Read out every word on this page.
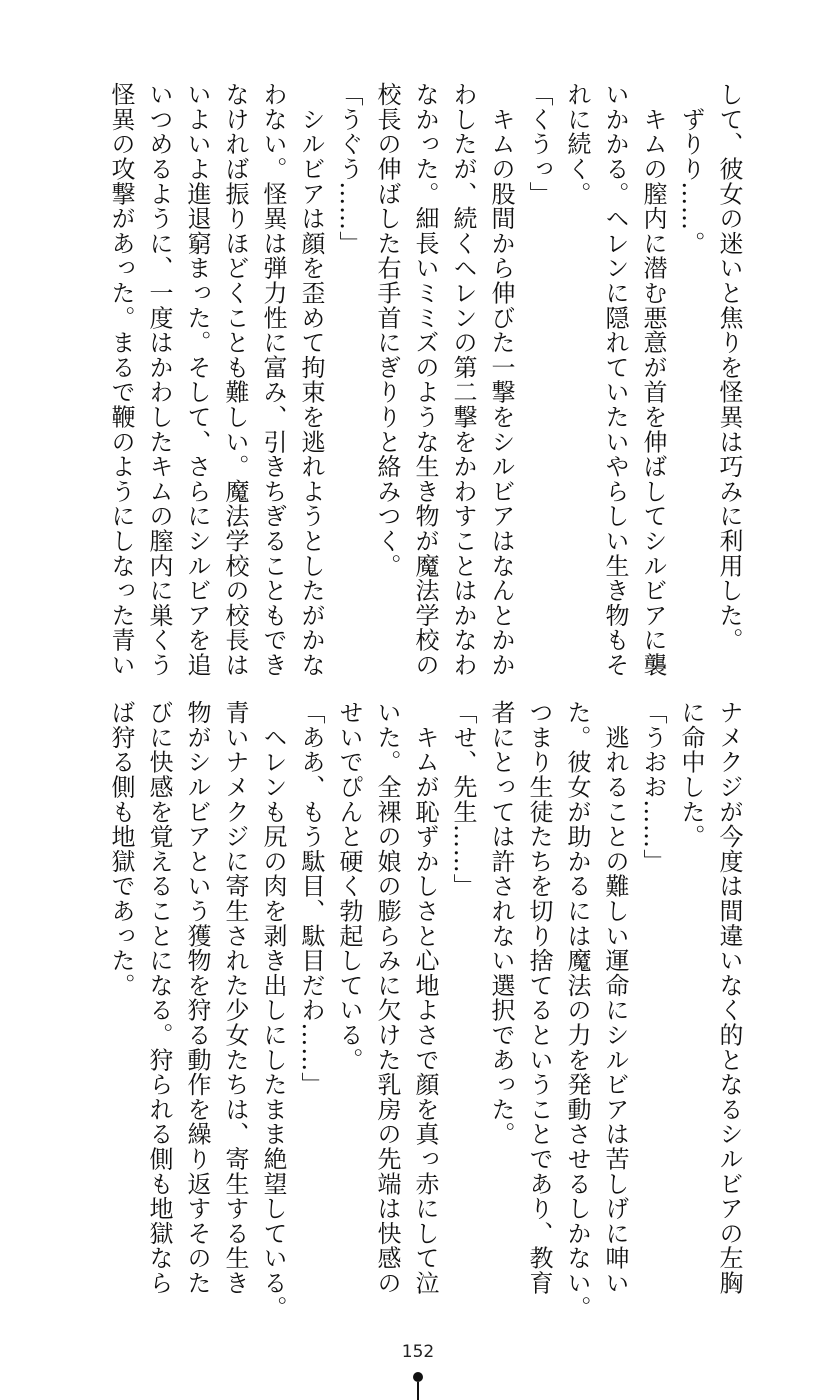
して、彼女の迷いと焦りを怪異は巧みに利用した。
　ずりり……。
　キムの膣内に潜む悪意が首を伸ばしてシルビアに襲
いかかる。ヘレンに隠れていたいやらしい生き物もそ
れに続く。
「くうっ」
　キムの股間から伸びた一撃をシルビアはなんとかか
わしたが、続くヘレンの第二撃をかわすことはかなわ
なかった。細長いミミズのような生き物が魔法学校の
校長の伸ばした右手首にぎりりと絡みつく。
「うぐう……」
　シルビアは顔を歪めて拘束を逃れようとしたがかな
わない。怪異は弾力性に富み、引きちぎることもでき
なければ振りほどくことも難しい。魔法学校の校長は
いよいよ進退窮まった。そして、さらにシルビアを追
いつめるように、一度はかわしたキムの膣内に巣くう
怪異の攻撃があった。まるで鞭のようにしなった青い
ナメクジが今度は間違いなく的となるシルビアの左胸
に命中した。
「うおお……」
　逃れることの難しい運命にシルビアは苦しげに呻い
た。彼女が助かるには魔法の力を発動させるしかない。
つまり生徒たちを切り捨てるということであり、教育
者にとっては許されない選択であった。
「せ、先生……」
　キムが恥ずかしさと心地よさで顔を真っ赤にして泣
いた。全裸の娘の膨らみに欠けた乳房の先端は快感の
せいでぴんと硬く勃起している。
「ああ、もう駄目、駄目だわ……」
　ヘレンも尻の肉を剥き出しにしたまま絶望している。
青いナメクジに寄生された少女たちは、寄生する生き
物がシルビアという獲物を狩る動作を繰り返すそのた
びに快感を覚えることになる。狩られる側も地獄なら
ば狩る側も地獄であった。
152
